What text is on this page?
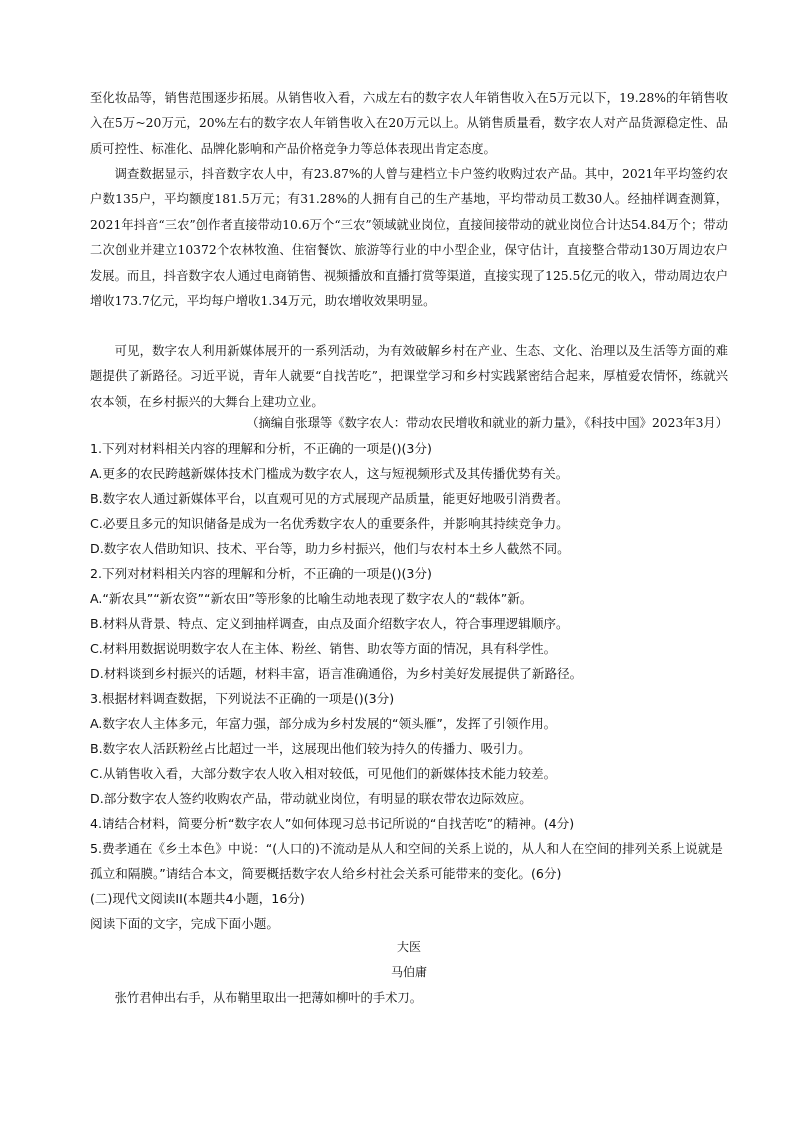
至化妆品等，销售范围逐步拓展。从销售收入看，六成左右的数字农人年销售收入在5万元以下，19.28%的年销售收入在5万~20万元，20%左右的数字农人年销售收入在20万元以上。从销售质量看，数字农人对产品货源稳定性、品质可控性、标准化、品牌化影响和产品价格竞争力等总体表现出肯定态度。

调查数据显示，抖音数字农人中，有23.87%的人曾与建档立卡户签约收购过农产品。其中，2021年平均签约农户数135户，平均额度181.5万元；有31.28%的人拥有自己的生产基地，平均带动员工数30人。经抽样调查测算，2021年抖音“三农”创作者直接带动10.6万个“三农”领域就业岗位，直接间接带动的就业岗位合计达54.84万个；带动二次创业并建立10372个农林牧渔、住宿餐饮、旅游等行业的中小型企业，保守估计，直接整合带动130万周边农户发展。而且，抖音数字农人通过电商销售、视频播放和直播打赏等渠道，直接实现了125.5亿元的收入，带动周边农户增收173.7亿元，平均每户增收1.34万元，助农增收效果明显。

可见，数字农人利用新媒体展开的一系列活动，为有效破解乡村在产业、生态、文化、治理以及生活等方面的难题提供了新路径。习近平说，青年人就要“自找苦吃”，把课堂学习和乡村实践紧密结合起来，厚植爱农情怀，练就兴农本领，在乡村振兴的大舞台上建功立业。

（摘编自张璟等《数字农人：带动农民增收和就业的新力量》，《科技中国》2023年3月）

1.下列对材料相关内容的理解和分析，不正确的一项是()(3分)

A.更多的农民跨越新媒体技术门槛成为数字农人，这与短视频形式及其传播优势有关。

B.数字农人通过新媒体平台，以直观可见的方式展现产品质量，能更好地吸引消费者。

C.必要且多元的知识储备是成为一名优秀数字农人的重要条件，并影响其持续竞争力。

D.数字农人借助知识、技术、平台等，助力乡村振兴，他们与农村本土乡人截然不同。

2.下列对材料相关内容的理解和分析，不正确的一项是()(3分)

A.“新农具”“新农资”“新农田”等形象的比喻生动地表现了数字农人的“载体”新。

B.材料从背景、特点、定义到抽样调查，由点及面介绍数字农人，符合事理逻辑顺序。

C.材料用数据说明数字农人在主体、粉丝、销售、助农等方面的情况，具有科学性。

D.材料谈到乡村振兴的话题，材料丰富，语言准确通俗，为乡村美好发展提供了新路径。

3.根据材料调查数据，下列说法不正确的一项是()(3分)

A.数字农人主体多元，年富力强，部分成为乡村发展的“领头雁”，发挥了引领作用。

B.数字农人活跃粉丝占比超过一半，这展现出他们较为持久的传播力、吸引力。

C.从销售收入看，大部分数字农人收入相对较低，可见他们的新媒体技术能力较差。

D.部分数字农人签约收购农产品，带动就业岗位，有明显的联农带农边际效应。

4.请结合材料，简要分析“数字农人”如何体现习总书记所说的“自找苦吃”的精神。(4分)

5.费孝通在《乡土本色》中说：“(人口的)不流动是从人和空间的关系上说的，从人和人在空间的排列关系上说就是孤立和隔膜。”请结合本文，简要概括数字农人给乡村社会关系可能带来的变化。(6分)

(二)现代文阅读II(本题共4小题，16分)

阅读下面的文字，完成下面小题。

大医
马伯庸

张竹君伸出右手，从布鞘里取出一把薄如柳叶的手术刀。
